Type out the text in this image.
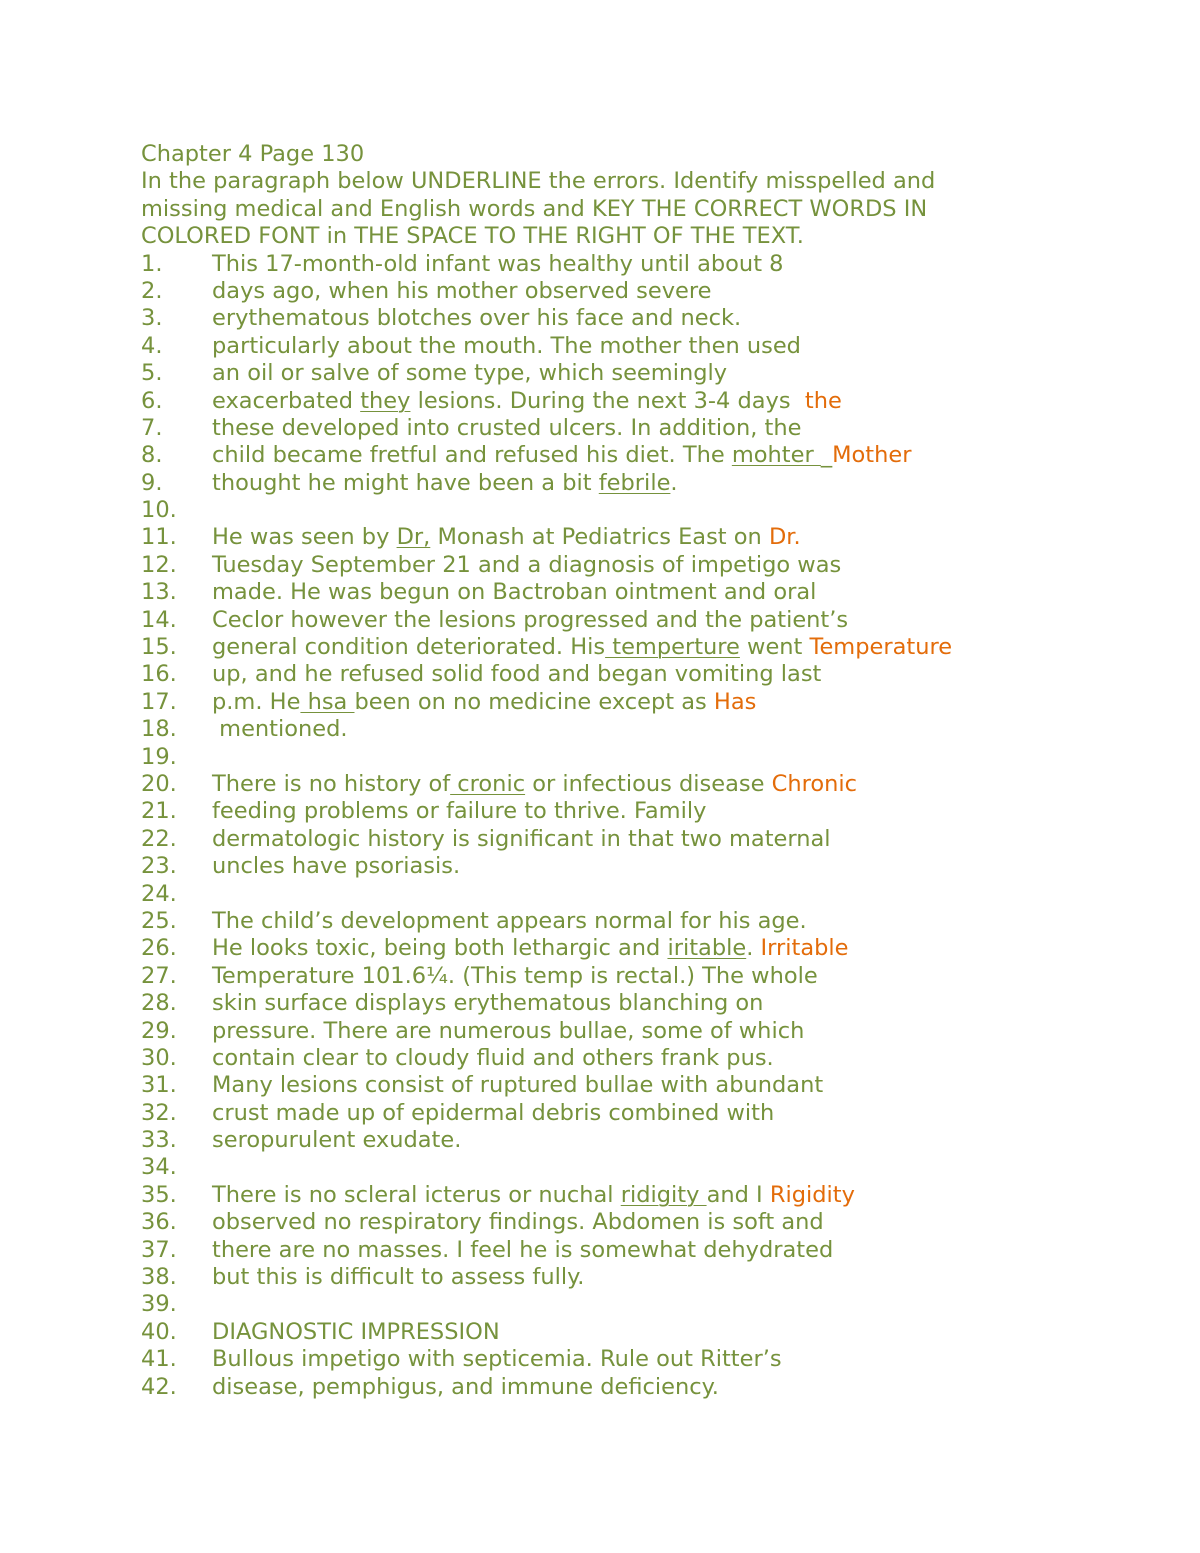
Chapter 4 Page 130
In the paragraph below UNDERLINE the errors. Identify misspelled and
missing medical and English words and KEY THE CORRECT WORDS IN
COLORED FONT in THE SPACE TO THE RIGHT OF THE TEXT.
1.	This 17-month-old infant was healthy until about 8
2.	days ago, when his mother observed severe
3.	erythematous blotches over his face and neck.
4.	particularly about the mouth. The mother then used
5.	an oil or salve of some type, which seemingly
6.	exacerbated they lesions. During the next 3-4 days  the
7.	these developed into crusted ulcers. In addition, the
8.	child became fretful and refused his diet. The mohter _Mother
9.	thought he might have been a bit febrile.
10.
11.	He was seen by Dr, Monash at Pediatrics East on Dr.
12.	Tuesday September 21 and a diagnosis of impetigo was
13.	made. He was begun on Bactroban ointment and oral
14.	Ceclor however the lesions progressed and the patient’s
15.	general condition deteriorated. His temperture went Temperature
16.	up, and he refused solid food and began vomiting last
17.	p.m. He hsa been on no medicine except as Has
18.	mentioned.
19.
20.	There is no history of cronic or infectious disease Chronic
21.	feeding problems or failure to thrive. Family
22.	dermatologic history is significant in that two maternal
23.	uncles have psoriasis.
24.
25.	The child’s development appears normal for his age.
26.	He looks toxic, being both lethargic and iritable. Irritable
27.	Temperature 101.6¼. (This temp is rectal.) The whole
28.	skin surface displays erythematous blanching on
29.	pressure. There are numerous bullae, some of which
30.	contain clear to cloudy fluid and others frank pus.
31.	Many lesions consist of ruptured bullae with abundant
32.	crust made up of epidermal debris combined with
33.	seropurulent exudate.
34.
35.	There is no scleral icterus or nuchal ridigity and I Rigidity
36.	observed no respiratory findings. Abdomen is soft and
37.	there are no masses. I feel he is somewhat dehydrated
38.	but this is difficult to assess fully.
39.
40.	DIAGNOSTIC IMPRESSION
41.	Bullous impetigo with septicemia. Rule out Ritter’s
42.	disease, pemphigus, and immune deficiency.
